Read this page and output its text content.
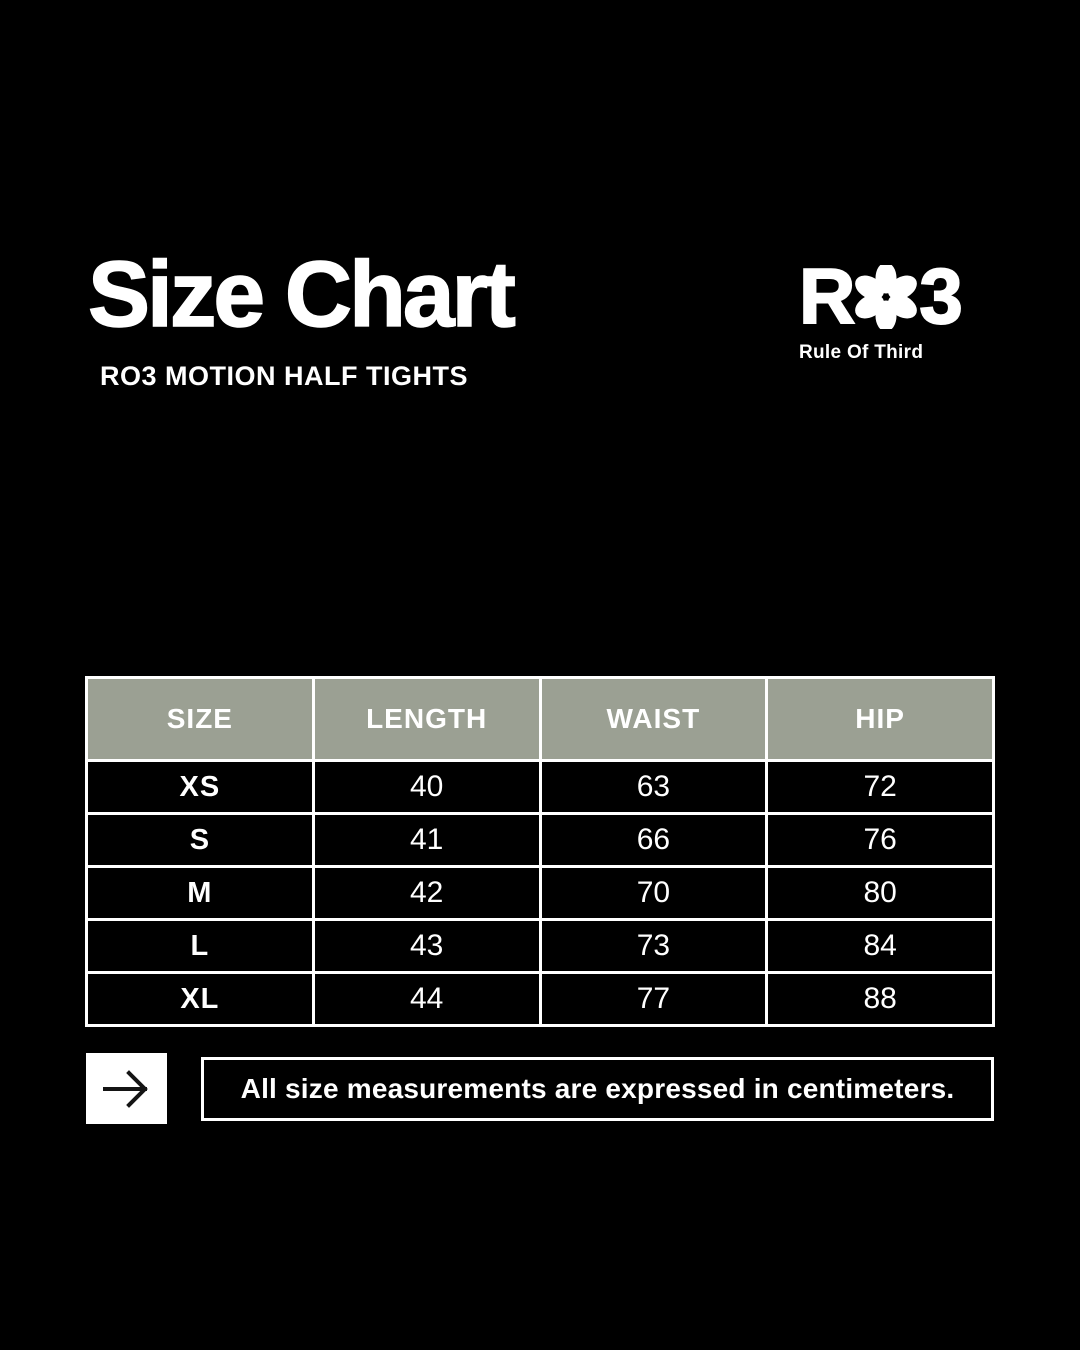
Size Chart
RO3 MOTION HALF TIGHTS
R 3
Rule Of Third
SIZE	LENGTH	WAIST	HIP
XS	40	63	72
S	41	66	76
M	42	70	80
L	43	73	84
XL	44	77	88
All size measurements are expressed in centimeters.
